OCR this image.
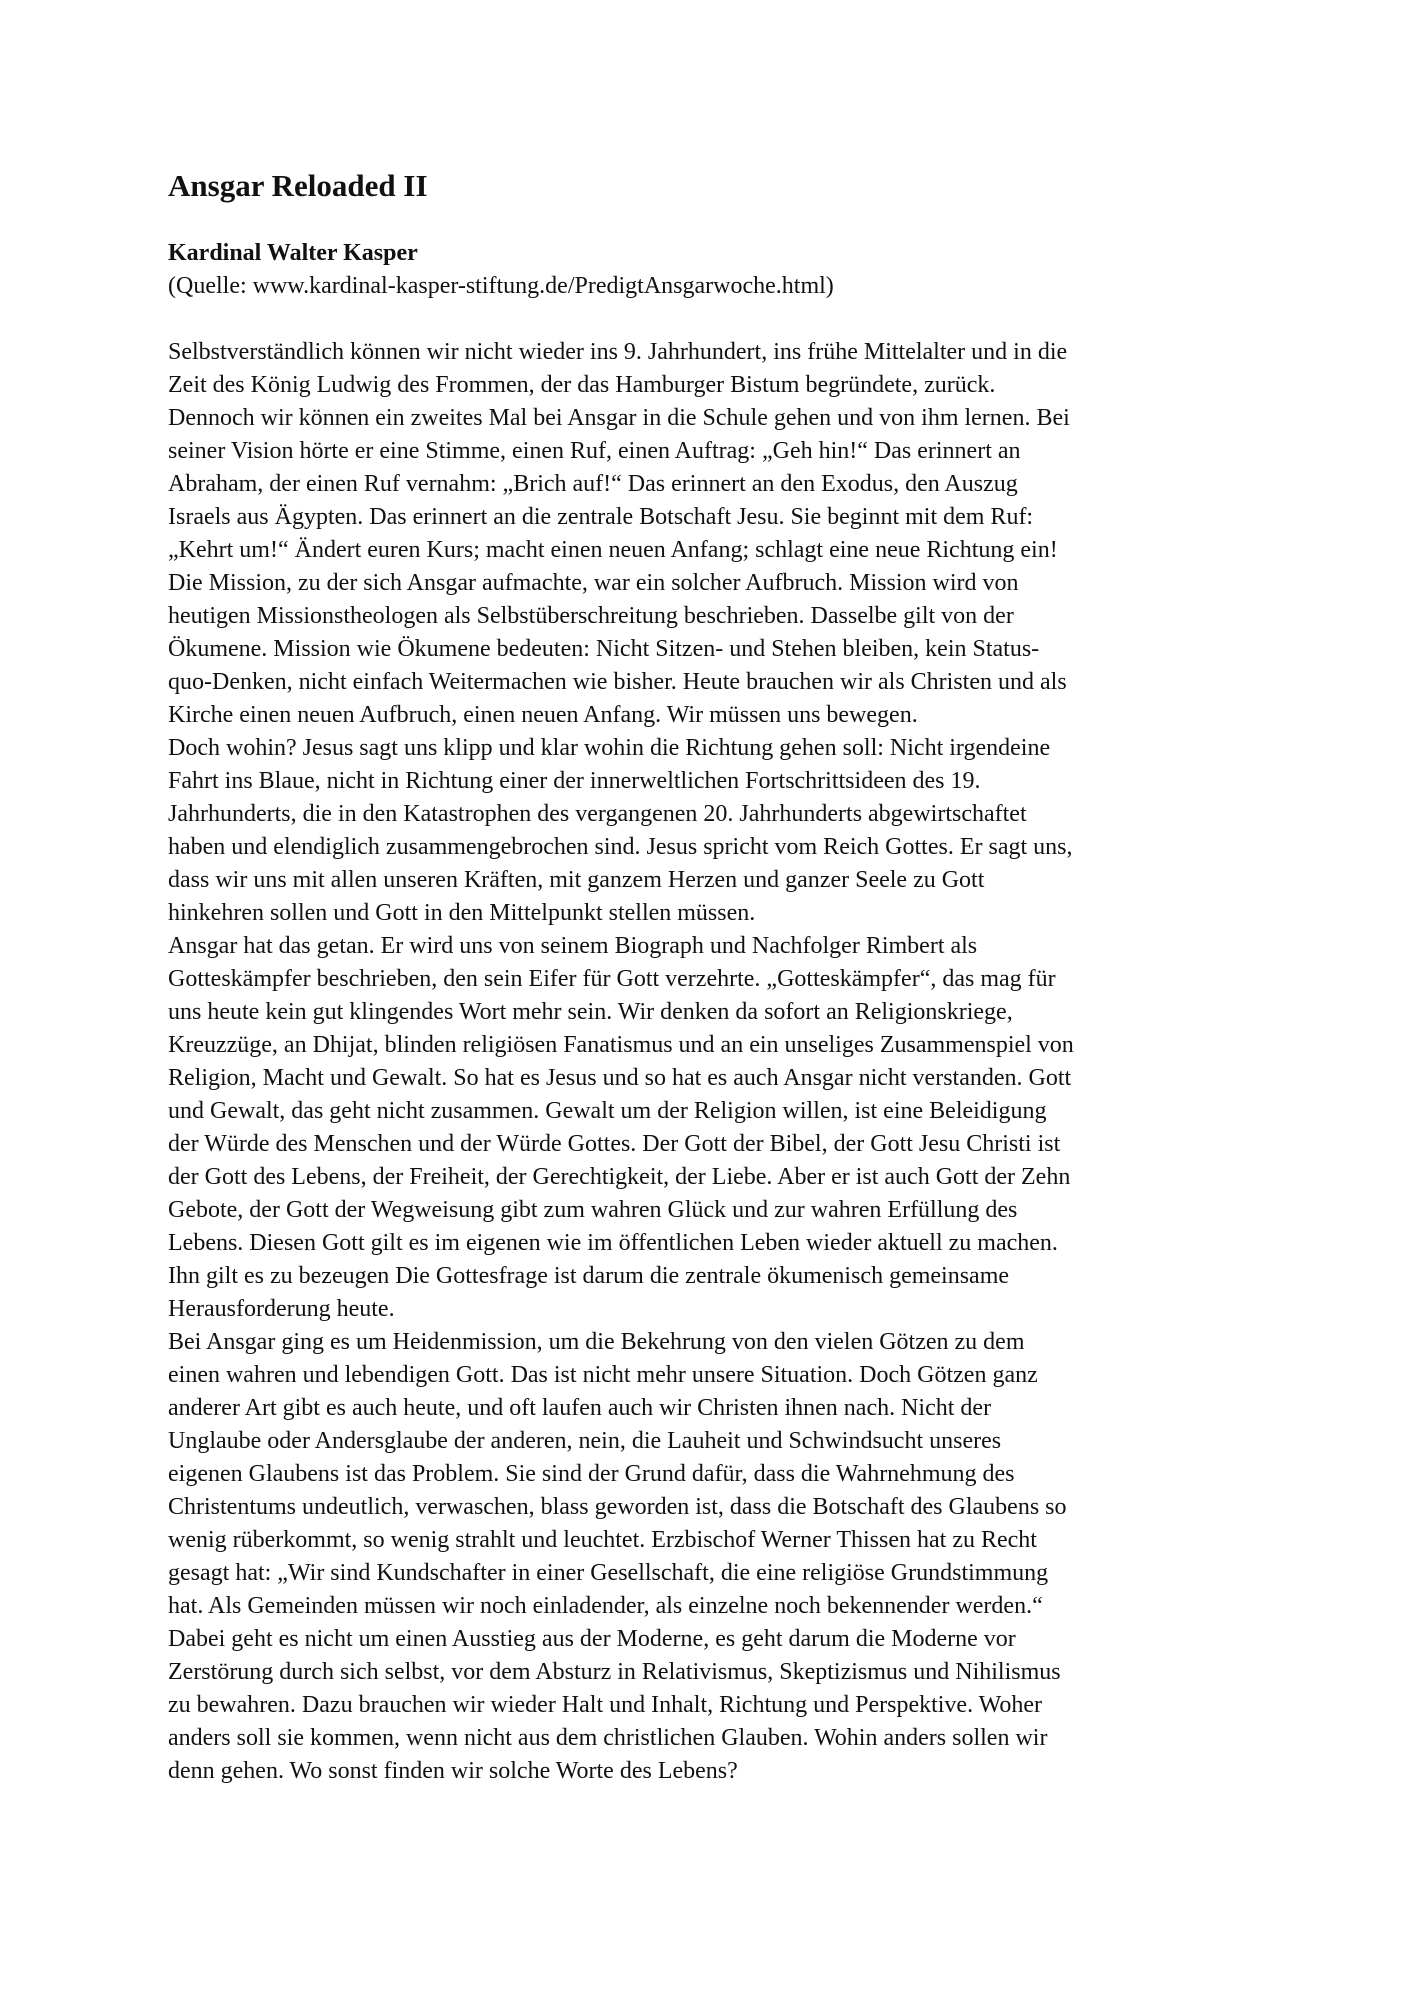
Ansgar Reloaded II

Kardinal Walter Kasper

(Quelle: www.kardinal-kasper-stiftung.de/PredigtAnsgarwoche.html)

Selbstverständlich können wir nicht wieder ins 9. Jahrhundert, ins frühe Mittelalter und in die
Zeit des König Ludwig des Frommen, der das Hamburger Bistum begründete, zurück.
Dennoch wir können ein zweites Mal bei Ansgar in die Schule gehen und von ihm lernen. Bei
seiner Vision hörte er eine Stimme, einen Ruf, einen Auftrag: „Geh hin!“ Das erinnert an
Abraham, der einen Ruf vernahm: „Brich auf!“ Das erinnert an den Exodus, den Auszug
Israels aus Ägypten. Das erinnert an die zentrale Botschaft Jesu. Sie beginnt mit dem Ruf:
„Kehrt um!“ Ändert euren Kurs; macht einen neuen Anfang; schlagt eine neue Richtung ein!
Die Mission, zu der sich Ansgar aufmachte, war ein solcher Aufbruch. Mission wird von
heutigen Missionstheologen als Selbstüberschreitung beschrieben. Dasselbe gilt von der
Ökumene. Mission wie Ökumene bedeuten: Nicht Sitzen- und Stehen bleiben, kein Status-
quo-Denken, nicht einfach Weitermachen wie bisher. Heute brauchen wir als Christen und als
Kirche einen neuen Aufbruch, einen neuen Anfang. Wir müssen uns bewegen.
Doch wohin? Jesus sagt uns klipp und klar wohin die Richtung gehen soll: Nicht irgendeine
Fahrt ins Blaue, nicht in Richtung einer der innerweltlichen Fortschrittsideen des 19.
Jahrhunderts, die in den Katastrophen des vergangenen 20. Jahrhunderts abgewirtschaftet
haben und elendiglich zusammengebrochen sind. Jesus spricht vom Reich Gottes. Er sagt uns,
dass wir uns mit allen unseren Kräften, mit ganzem Herzen und ganzer Seele zu Gott
hinkehren sollen und Gott in den Mittelpunkt stellen müssen.
Ansgar hat das getan. Er wird uns von seinem Biograph und Nachfolger Rimbert als
Gotteskämpfer beschrieben, den sein Eifer für Gott verzehrte. „Gotteskämpfer“, das mag für
uns heute kein gut klingendes Wort mehr sein. Wir denken da sofort an Religionskriege,
Kreuzzüge, an Dhijat, blinden religiösen Fanatismus und an ein unseliges Zusammenspiel von
Religion, Macht und Gewalt. So hat es Jesus und so hat es auch Ansgar nicht verstanden. Gott
und Gewalt, das geht nicht zusammen. Gewalt um der Religion willen, ist eine Beleidigung
der Würde des Menschen und der Würde Gottes. Der Gott der Bibel, der Gott Jesu Christi ist
der Gott des Lebens, der Freiheit, der Gerechtigkeit, der Liebe. Aber er ist auch Gott der Zehn
Gebote, der Gott der Wegweisung gibt zum wahren Glück und zur wahren Erfüllung des
Lebens. Diesen Gott gilt es im eigenen wie im öffentlichen Leben wieder aktuell zu machen.
Ihn gilt es zu bezeugen Die Gottesfrage ist darum die zentrale ökumenisch gemeinsame
Herausforderung heute.
Bei Ansgar ging es um Heidenmission, um die Bekehrung von den vielen Götzen zu dem
einen wahren und lebendigen Gott. Das ist nicht mehr unsere Situation. Doch Götzen ganz
anderer Art gibt es auch heute, und oft laufen auch wir Christen ihnen nach. Nicht der
Unglaube oder Andersglaube der anderen, nein, die Lauheit und Schwindsucht unseres
eigenen Glaubens ist das Problem. Sie sind der Grund dafür, dass die Wahrnehmung des
Christentums undeutlich, verwaschen, blass geworden ist, dass die Botschaft des Glaubens so
wenig rüberkommt, so wenig strahlt und leuchtet. Erzbischof Werner Thissen hat zu Recht
gesagt hat: „Wir sind Kundschafter in einer Gesellschaft, die eine religiöse Grundstimmung
hat. Als Gemeinden müssen wir noch einladender, als einzelne noch bekennender werden.“
Dabei geht es nicht um einen Ausstieg aus der Moderne, es geht darum die Moderne vor
Zerstörung durch sich selbst, vor dem Absturz in Relativismus, Skeptizismus und Nihilismus
zu bewahren. Dazu brauchen wir wieder Halt und Inhalt, Richtung und Perspektive. Woher
anders soll sie kommen, wenn nicht aus dem christlichen Glauben. Wohin anders sollen wir
denn gehen. Wo sonst finden wir solche Worte des Lebens?
